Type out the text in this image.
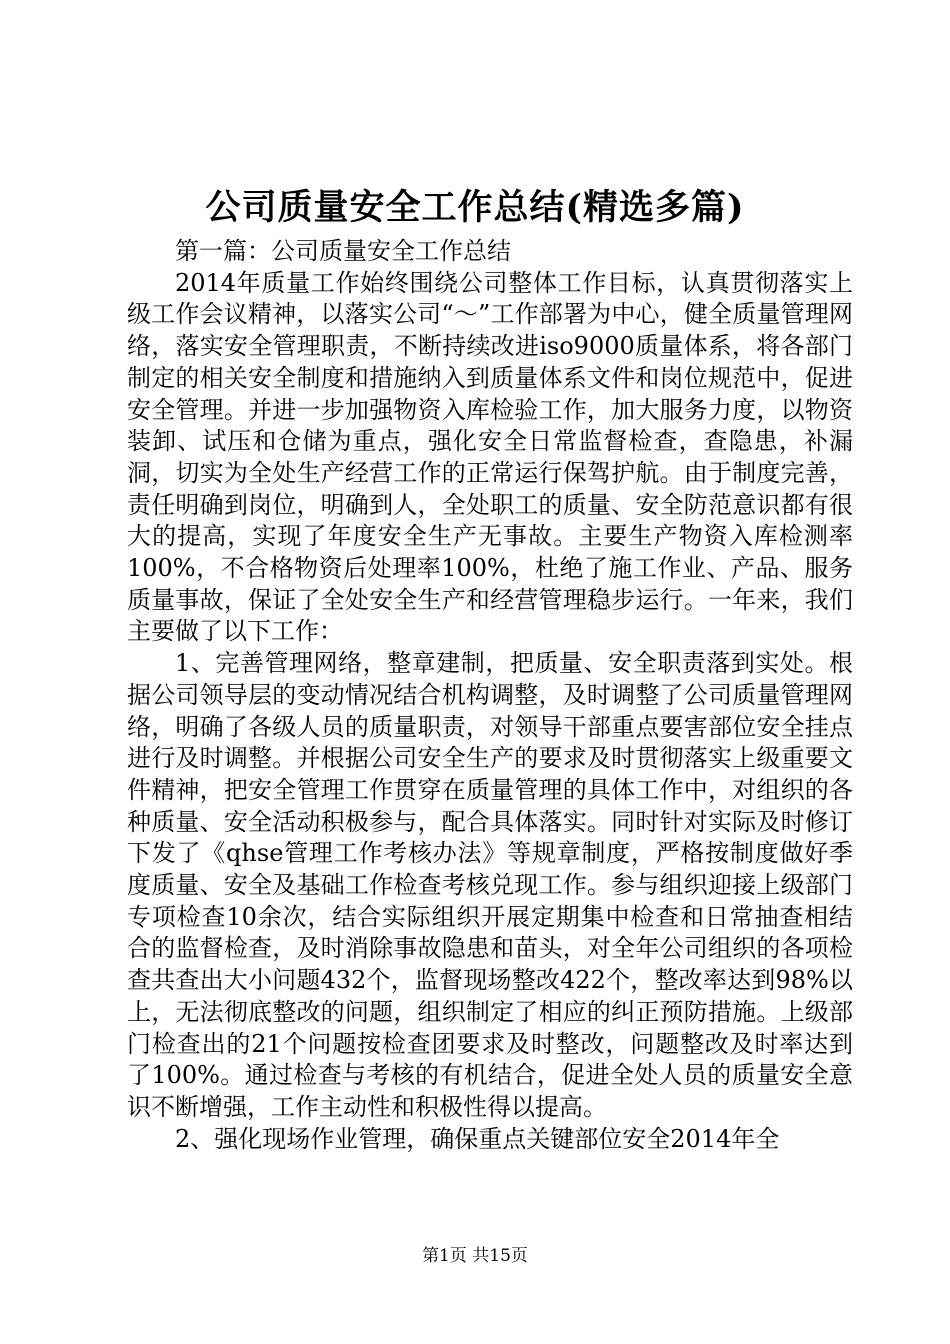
公司质量安全工作总结(精选多篇)

第一篇：公司质量安全工作总结

2014年质量工作始终围绕公司整体工作目标，认真贯彻落实上级工作会议精神，以落实公司“～”工作部署为中心，健全质量管理网络，落实安全管理职责，不断持续改进iso9000质量体系，将各部门制定的相关安全制度和措施纳入到质量体系文件和岗位规范中，促进安全管理。并进一步加强物资入库检验工作，加大服务力度，以物资装卸、试压和仓储为重点，强化安全日常监督检查，查隐患，补漏洞，切实为全处生产经营工作的正常运行保驾护航。由于制度完善，责任明确到岗位，明确到人，全处职工的质量、安全防范意识都有很大的提高，实现了年度安全生产无事故。主要生产物资入库检测率100%，不合格物资后处理率100%，杜绝了施工作业、产品、服务质量事故，保证了全处安全生产和经营管理稳步运行。一年来，我们主要做了以下工作：

1、完善管理网络，整章建制，把质量、安全职责落到实处。根据公司领导层的变动情况结合机构调整，及时调整了公司质量管理网络，明确了各级人员的质量职责，对领导干部重点要害部位安全挂点进行及时调整。并根据公司安全生产的要求及时贯彻落实上级重要文件精神，把安全管理工作贯穿在质量管理的具体工作中，对组织的各种质量、安全活动积极参与，配合具体落实。同时针对实际及时修订下发了《qhse管理工作考核办法》等规章制度，严格按制度做好季度质量、安全及基础工作检查考核兑现工作。参与组织迎接上级部门专项检查10余次，结合实际组织开展定期集中检查和日常抽查相结合的监督检查，及时消除事故隐患和苗头，对全年公司组织的各项检查共查出大小问题432个，监督现场整改422个，整改率达到98%以上，无法彻底整改的问题，组织制定了相应的纠正预防措施。上级部门检查出的21个问题按检查团要求及时整改，问题整改及时率达到了100%。通过检查与考核的有机结合，促进全处人员的质量安全意识不断增强，工作主动性和积极性得以提高。

2、强化现场作业管理，确保重点关键部位安全2014年全

第1页 共15页
